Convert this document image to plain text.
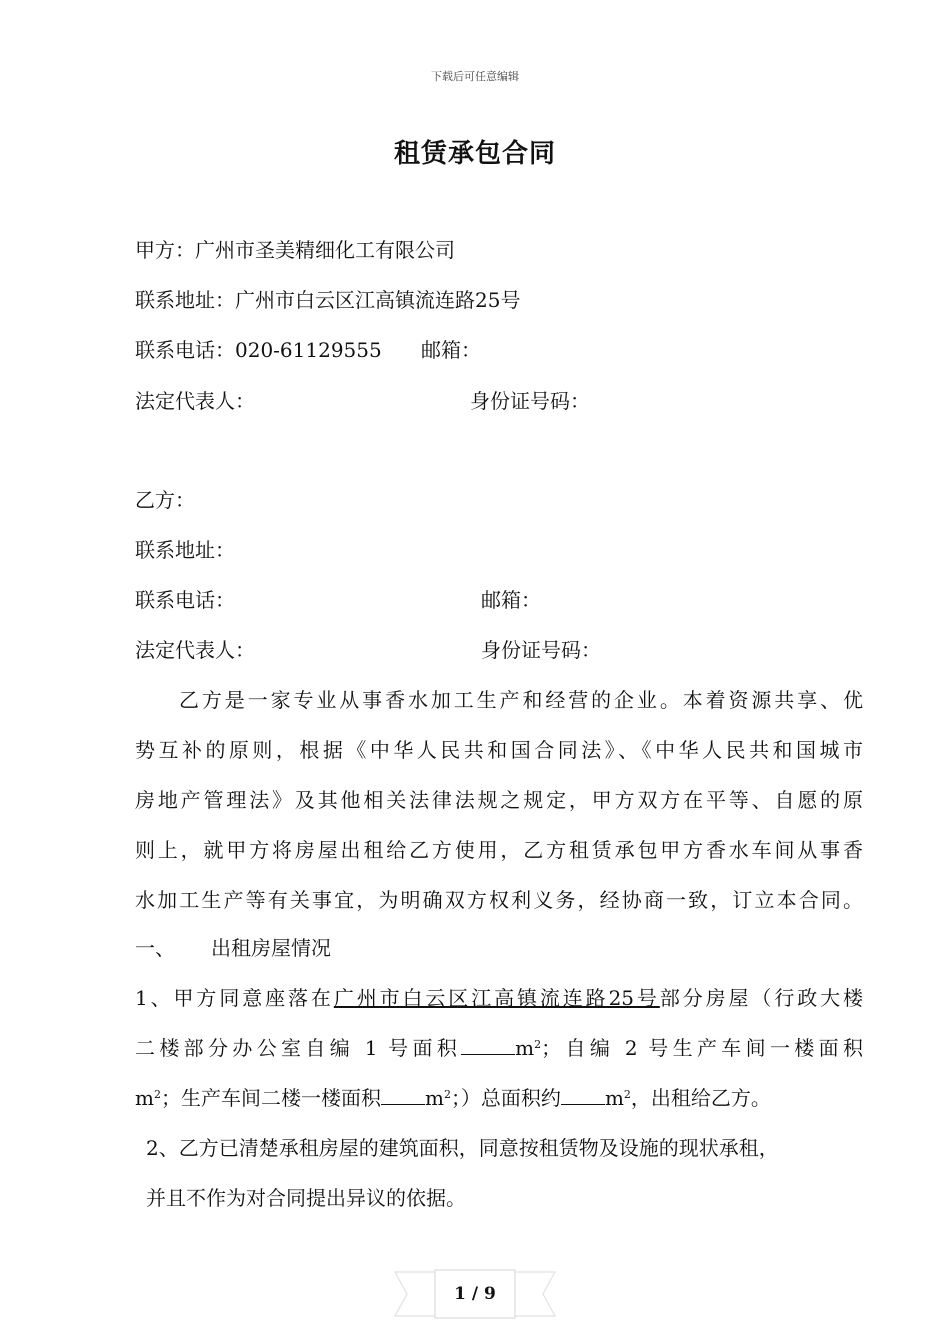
下载后可任意编辑
租赁承包合同
甲方：广州市圣美精细化工有限公司
联系地址：广州市白云区江高镇流连路25号
联系电话：020-61129555 邮箱：
法定代表人：	身份证号码：
乙方：
联系地址：
联系电话：	邮箱：
法定代表人：	身份证号码：

乙方是一家专业从事香水加工生产和经营的企业。本着资源共享、优

势互补的原则，根据《中华人民共和国合同法》、《中华人民共和国城市

房地产管理法》及其他相关法律法规之规定，甲方双方在平等、自愿的原

则上，就甲方将房屋出租给乙方使用，乙方租赁承包甲方香水车间从事香

水加工生产等有关事宜，为明确双方权利义务，经协商一致，订立本合同。

一、 出租房屋情况

1、甲方同意座落在广州市白云区江高镇流连路25号部分房屋（行政大楼

二楼部分办公室自编 1 号面积	$m^2$；自编 2 号生产车间一楼面积

$m^2$；生产车间二楼一楼面积 $m^2$；）总面积约 $m^2$，出租给乙方。

2、乙方已清楚承租房屋的建筑面积，同意按租赁物及设施的现状承租，

并且不作为对合同提出异议的依据。

1 / 9
